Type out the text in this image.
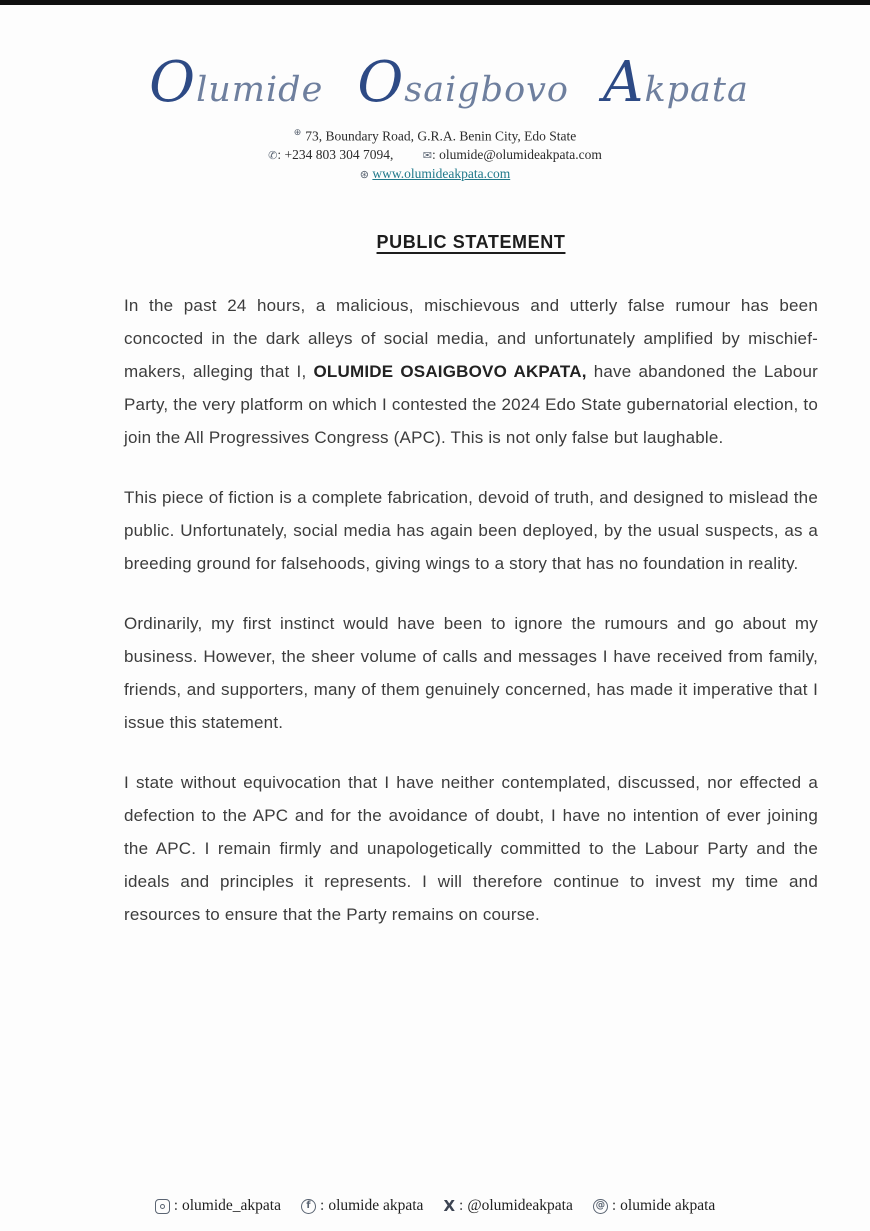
Olumide Osaigbovo Akpata
⊕ 73, Boundary Road, G.R.A. Benin City, Edo State
✆: +234 803 304 7094,	✉: olumide@olumideakpata.com
⊛ www.olumideakpata.com
PUBLIC STATEMENT

In the past 24 hours, a malicious, mischievous and utterly false rumour has been concocted in the dark alleys of social media, and unfortunately amplified by mischief-makers, alleging that I, OLUMIDE OSAIGBOVO AKPATA, have abandoned the Labour Party, the very platform on which I contested the 2024 Edo State gubernatorial election, to join the All Progressives Congress (APC). This is not only false but laughable.

This piece of fiction is a complete fabrication, devoid of truth, and designed to mislead the public. Unfortunately, social media has again been deployed, by the usual suspects, as a breeding ground for falsehoods, giving wings to a story that has no foundation in reality.

Ordinarily, my first instinct would have been to ignore the rumours and go about my business. However, the sheer volume of calls and messages I have received from family, friends, and supporters, many of them genuinely concerned, has made it imperative that I issue this statement.

I state without equivocation that I have neither contemplated, discussed, nor effected a defection to the APC and for the avoidance of doubt, I have no intention of ever joining the APC. I remain firmly and unapologetically committed to the Labour Party and the ideals and principles it represents. I will therefore continue to invest my time and resources to ensure that the Party remains on course.

: olumide_akpata	f : olumide akpata X : @olumideakpata @ : olumide akpata
